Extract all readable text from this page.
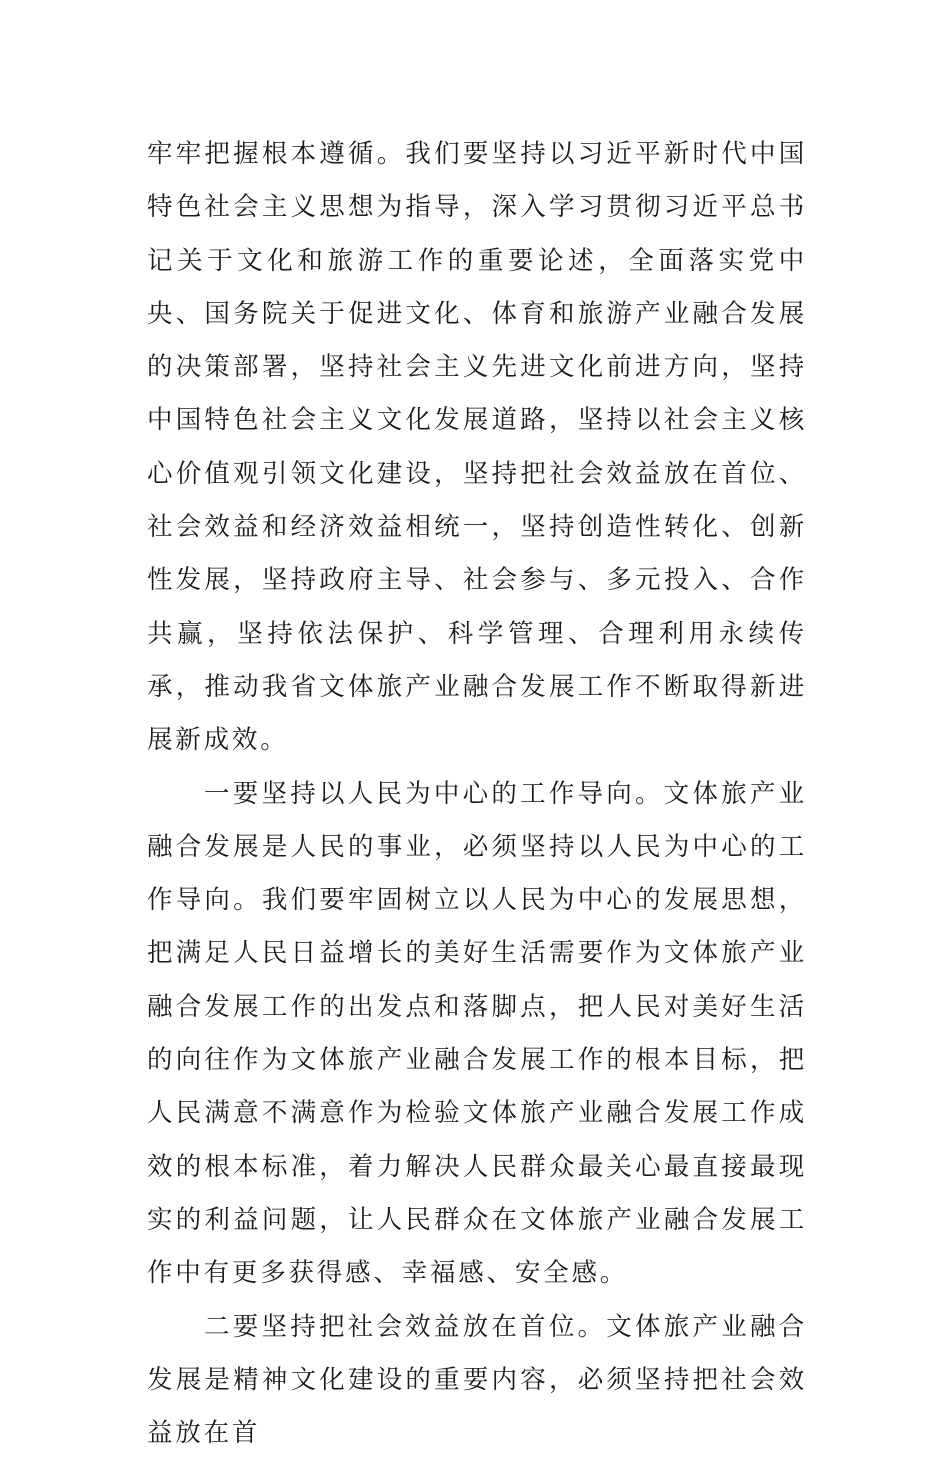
牢牢把握根本遵循。我们要坚持以习近平新时代中国特色社会主义思想为指导，深入学习贯彻习近平总书记关于文化和旅游工作的重要论述，全面落实党中央、国务院关于促进文化、体育和旅游产业融合发展的决策部署，坚持社会主义先进文化前进方向，坚持中国特色社会主义文化发展道路，坚持以社会主义核心价值观引领文化建设，坚持把社会效益放在首位、社会效益和经济效益相统一，坚持创造性转化、创新性发展，坚持政府主导、社会参与、多元投入、合作共赢，坚持依法保护、科学管理、合理利用永续传承，推动我省文体旅产业融合发展工作不断取得新进展新成效。

一要坚持以人民为中心的工作导向。文体旅产业融合发展是人民的事业，必须坚持以人民为中心的工作导向。我们要牢固树立以人民为中心的发展思想，把满足人民日益增长的美好生活需要作为文体旅产业融合发展工作的出发点和落脚点，把人民对美好生活的向往作为文体旅产业融合发展工作的根本目标，把人民满意不满意作为检验文体旅产业融合发展工作成效的根本标准，着力解决人民群众最关心最直接最现实的利益问题，让人民群众在文体旅产业融合发展工作中有更多获得感、幸福感、安全感。

二要坚持把社会效益放在首位。文体旅产业融合发展是精神文化建设的重要内容，必须坚持把社会效益放在首
